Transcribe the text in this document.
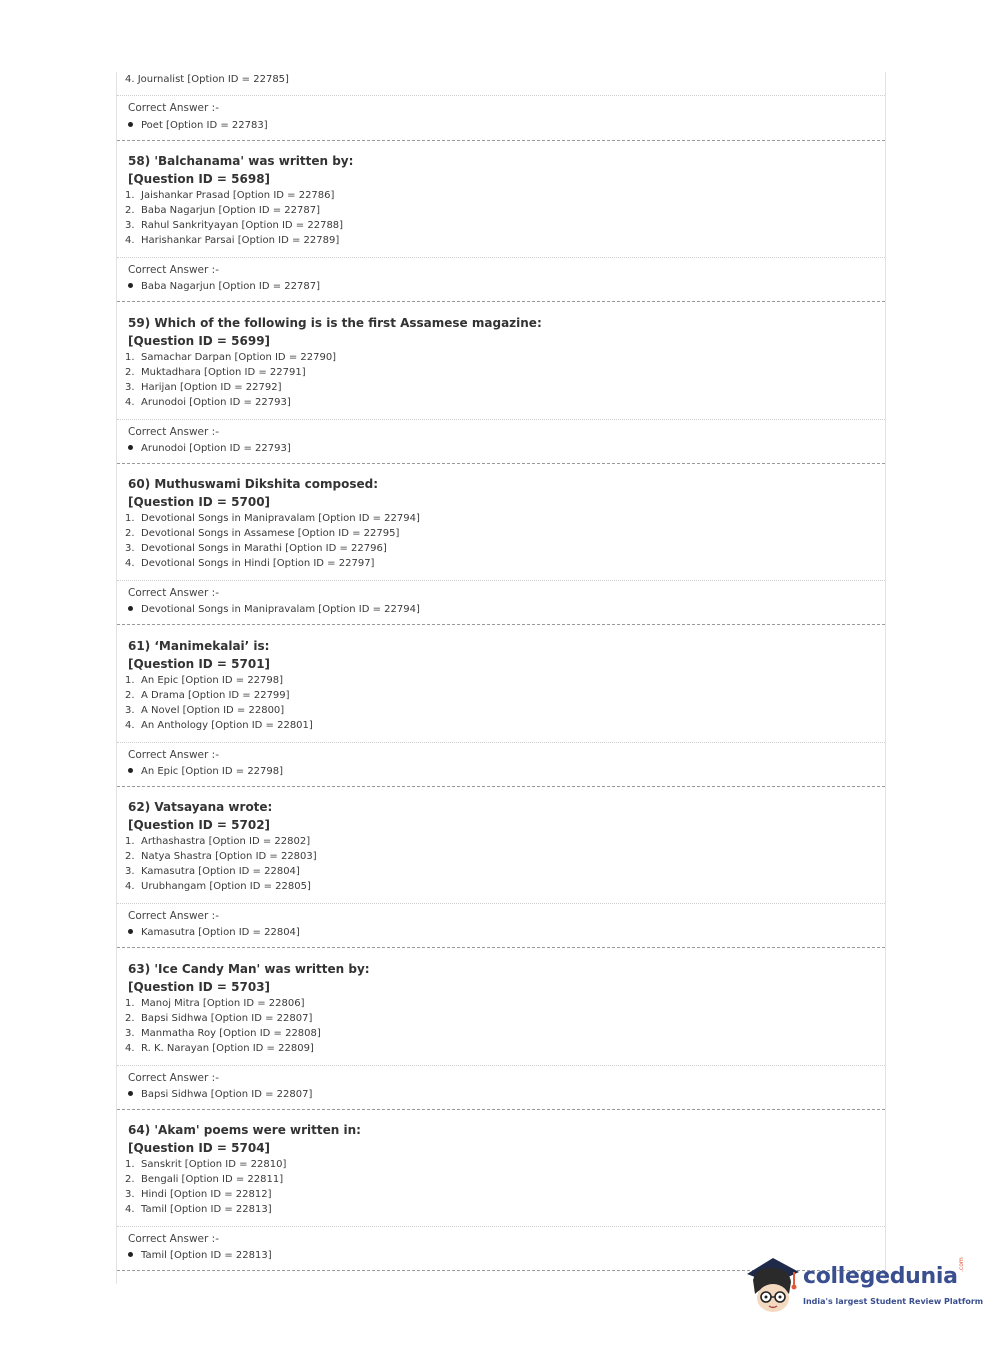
4. Journalist [Option ID = 22785]
Correct Answer :-
Poet [Option ID = 22783]
58) 'Balchanama' was written by:
[Question ID = 5698]
1. Jaishankar Prasad [Option ID = 22786]
2. Baba Nagarjun [Option ID = 22787]
3. Rahul Sankrityayan [Option ID = 22788]
4. Harishankar Parsai [Option ID = 22789]
Correct Answer :-
Baba Nagarjun [Option ID = 22787]
59) Which of the following is is the first Assamese magazine:
[Question ID = 5699]
1. Samachar Darpan [Option ID = 22790]
2. Muktadhara [Option ID = 22791]
3. Harijan [Option ID = 22792]
4. Arunodoi [Option ID = 22793]
Correct Answer :-
Arunodoi [Option ID = 22793]
60) Muthuswami Dikshita composed:
[Question ID = 5700]
1. Devotional Songs in Manipravalam [Option ID = 22794]
2. Devotional Songs in Assamese [Option ID = 22795]
3. Devotional Songs in Marathi [Option ID = 22796]
4. Devotional Songs in Hindi [Option ID = 22797]
Correct Answer :-
Devotional Songs in Manipravalam [Option ID = 22794]
61) ‘Manimekalai’ is:
[Question ID = 5701]
1. An Epic [Option ID = 22798]
2. A Drama [Option ID = 22799]
3. A Novel [Option ID = 22800]
4. An Anthology [Option ID = 22801]
Correct Answer :-
An Epic [Option ID = 22798]
62) Vatsayana wrote:
[Question ID = 5702]
1. Arthashastra [Option ID = 22802]
2. Natya Shastra [Option ID = 22803]
3. Kamasutra [Option ID = 22804]
4. Urubhangam [Option ID = 22805]
Correct Answer :-
Kamasutra [Option ID = 22804]
63) 'Ice Candy Man' was written by:
[Question ID = 5703]
1. Manoj Mitra [Option ID = 22806]
2. Bapsi Sidhwa [Option ID = 22807]
3. Manmatha Roy [Option ID = 22808]
4. R. K. Narayan [Option ID = 22809]
Correct Answer :-
Bapsi Sidhwa [Option ID = 22807]
64) 'Akam' poems were written in:
[Question ID = 5704]
1. Sanskrit [Option ID = 22810]
2. Bengali [Option ID = 22811]
3. Hindi [Option ID = 22812]
4. Tamil [Option ID = 22813]
Correct Answer :-
Tamil [Option ID = 22813]
collegedunia .com
India's largest Student Review Platform
